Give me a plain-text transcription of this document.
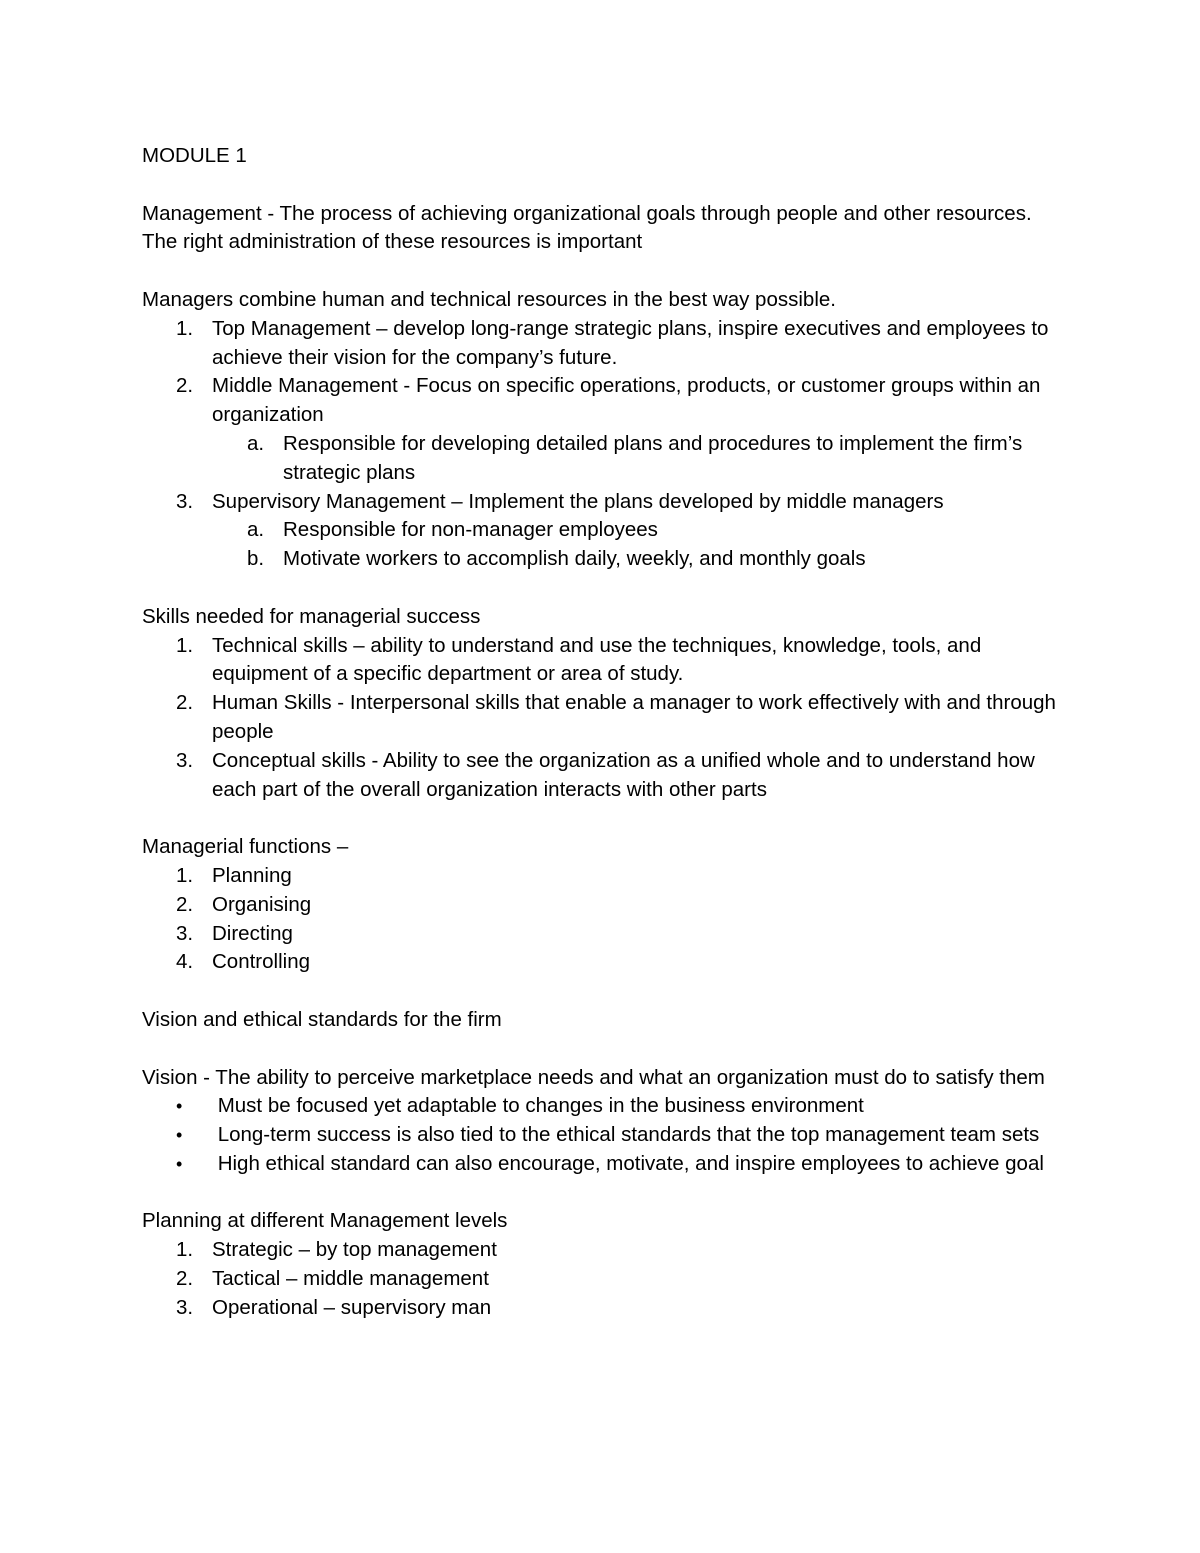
MODULE 1

Management - The process of achieving organizational goals through people and other resources. The right administration of these resources is important

Managers combine human and technical resources in the best way possible.

1. Top Management – develop long-range strategic plans, inspire executives and employees to achieve their vision for the company’s future.
2. Middle Management - Focus on specific operations, products, or customer groups within an organization
a. Responsible for developing detailed plans and procedures to implement the firm’s strategic plans
3. Supervisory Management – Implement the plans developed by middle managers
a. Responsible for non-manager employees
b. Motivate workers to accomplish daily, weekly, and monthly goals

Skills needed for managerial success

1. Technical skills – ability to understand and use the techniques, knowledge, tools, and equipment of a specific department or area of study.
2. Human Skills - Interpersonal skills that enable a manager to work effectively with and through people
3. Conceptual skills - Ability to see the organization as a unified whole and to understand how each part of the overall organization interacts with other parts

Managerial functions –

1. Planning
2. Organising
3. Directing
4. Controlling

Vision and ethical standards for the firm

Vision - The ability to perceive marketplace needs and what an organization must do to satisfy them

• Must be focused yet adaptable to changes in the business environment
• Long-term success is also tied to the ethical standards that the top management team sets
• High ethical standard can also encourage, motivate, and inspire employees to achieve goal

Planning at different Management levels

1. Strategic – by top management
2. Tactical – middle management
3. Operational – supervisory man
